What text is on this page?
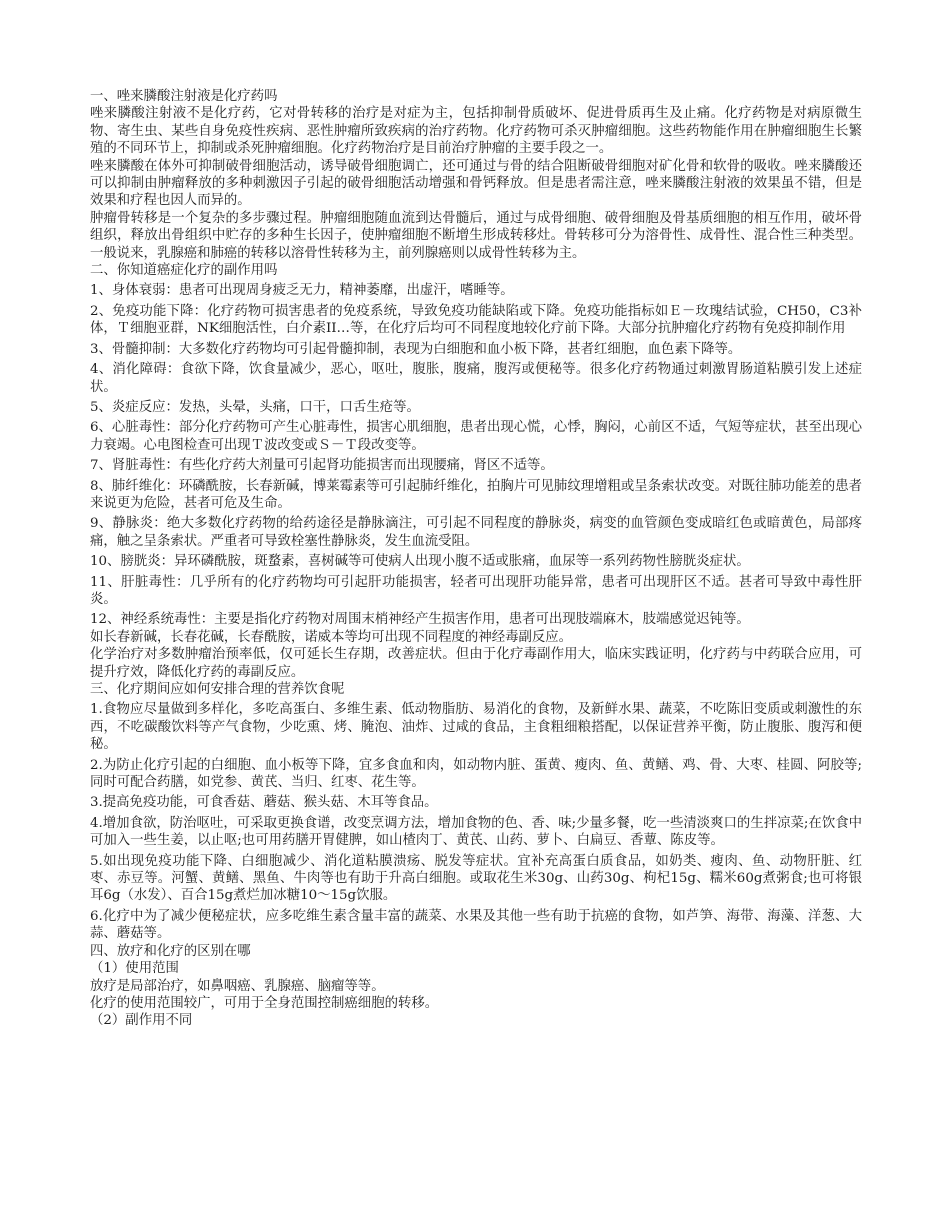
一、唑来膦酸注射液是化疗药吗

唑来膦酸注射液不是化疗药，它对骨转移的治疗是对症为主，包括抑制骨质破坏、促进骨质再生及止痛。化疗药物是对病原微生物、寄生虫、某些自身免疫性疾病、恶性肿瘤所致疾病的治疗药物。化疗药物可杀灭肿瘤细胞。这些药物能作用在肿瘤细胞生长繁殖的不同环节上，抑制或杀死肿瘤细胞。化疗药物治疗是目前治疗肿瘤的主要手段之一。

唑来膦酸在体外可抑制破骨细胞活动，诱导破骨细胞调亡，还可通过与骨的结合阻断破骨细胞对矿化骨和软骨的吸收。唑来膦酸还可以抑制由肿瘤释放的多种刺激因子引起的破骨细胞活动增强和骨钙释放。但是患者需注意，唑来膦酸注射液的效果虽不错，但是效果和疗程也因人而异的。

肿瘤骨转移是一个复杂的多步骤过程。肿瘤细胞随血流到达骨髓后，通过与成骨细胞、破骨细胞及骨基质细胞的相互作用，破坏骨组织，释放出骨组织中贮存的多种生长因子，使肿瘤细胞不断增生形成转移灶。骨转移可分为溶骨性、成骨性、混合性三种类型。一般说来，乳腺癌和肺癌的转移以溶骨性转移为主，前列腺癌则以成骨性转移为主。

二、你知道癌症化疗的副作用吗

1、身体衰弱：患者可出现周身疲乏无力，精神萎靡，出虚汗，嗜睡等。

2、免疫功能下降：化疗药物可损害患者的免疫系统，导致免疫功能缺陷或下降。免疫功能指标如Ｅ－玫瑰结试验，CH50，C3补体，Ｔ细胞亚群，NK细胞活性，白介素II…等，在化疗后均可不同程度地较化疗前下降。大部分抗肿瘤化疗药物有免疫抑制作用

3、骨髓抑制：大多数化疗药物均可引起骨髓抑制，表现为白细胞和血小板下降，甚者红细胞，血色素下降等。

4、消化障碍：食欲下降，饮食量减少，恶心，呕吐，腹胀，腹痛，腹泻或便秘等。很多化疗药物通过刺激胃肠道粘膜引发上述症状。

5、炎症反应：发热，头晕，头痛，口干，口舌生疮等。

6、心脏毒性：部分化疗药物可产生心脏毒性，损害心肌细胞，患者出现心慌，心悸，胸闷，心前区不适，气短等症状，甚至出现心力衰竭。心电图检查可出现Ｔ波改变或Ｓ－Ｔ段改变等。

7、肾脏毒性：有些化疗药大剂量可引起肾功能损害而出现腰痛，肾区不适等。

8、肺纤维化：环磷酰胺，长春新碱，博莱霉素等可引起肺纤维化，拍胸片可见肺纹理增粗或呈条索状改变。对既往肺功能差的患者来说更为危险，甚者可危及生命。

9、静脉炎：绝大多数化疗药物的给药途径是静脉滴注，可引起不同程度的静脉炎，病变的血管颜色变成暗红色或暗黄色，局部疼痛，触之呈条索状。严重者可导致栓塞性静脉炎，发生血流受阻。

10、膀胱炎：异环磷酰胺，斑蝥素，喜树碱等可使病人出现小腹不适或胀痛，血尿等一系列药物性膀胱炎症状。

11、肝脏毒性：几乎所有的化疗药物均可引起肝功能损害，轻者可出现肝功能异常，患者可出现肝区不适。甚者可导致中毒性肝炎。

12、神经系统毒性：主要是指化疗药物对周围末梢神经产生损害作用，患者可出现肢端麻木，肢端感觉迟钝等。

如长春新碱，长春花碱，长春酰胺，诺威本等均可出现不同程度的神经毒副反应。

化学治疗对多数肿瘤治预率低，仅可延长生存期，改善症状。但由于化疗毒副作用大，临床实践证明，化疗药与中药联合应用，可提升疗效，降低化疗药的毒副反应。

三、化疗期间应如何安排合理的营养饮食呢

1.食物应尽量做到多样化，多吃高蛋白、多维生素、低动物脂肪、易消化的食物，及新鲜水果、蔬菜，不吃陈旧变质或刺激性的东西，不吃碳酸饮料等产气食物，少吃熏、烤、腌泡、油炸、过咸的食品，主食粗细粮搭配，以保证营养平衡，防止腹胀、腹泻和便秘。

2.为防止化疗引起的白细胞、血小板等下降，宜多食血和肉，如动物内脏、蛋黄、瘦肉、鱼、黄鳝、鸡、骨、大枣、桂圆、阿胶等;同时可配合药膳，如党参、黄芪、当归、红枣、花生等。

3.提高免疫功能，可食香菇、蘑菇、猴头菇、木耳等食品。

4.增加食欲，防治呕吐，可采取更换食谱，改变烹调方法，增加食物的色、香、味;少量多餐，吃一些清淡爽口的生拌凉菜;在饮食中可加入一些生姜，以止呕;也可用药膳开胃健脾，如山楂肉丁、黄芪、山药、萝卜、白扁豆、香蕈、陈皮等。

5.如出现免疫功能下降、白细胞减少、消化道粘膜溃疡、脱发等症状。宜补充高蛋白质食品，如奶类、瘦肉、鱼、动物肝脏、红枣、赤豆等。河蟹、黄鳝、黑鱼、牛肉等也有助于升高白细胞。或取花生米30g、山药30g、枸杞15g、糯米60g煮粥食;也可将银耳6g（水发）、百合15g煮烂加冰糖10～15g饮服。

6.化疗中为了减少便秘症状，应多吃维生素含量丰富的蔬菜、水果及其他一些有助于抗癌的食物，如芦笋、海带、海藻、洋葱、大蒜、蘑菇等。

四、放疗和化疗的区别在哪

（1）使用范围

放疗是局部治疗，如鼻咽癌、乳腺癌、脑瘤等等。

化疗的使用范围较广，可用于全身范围控制癌细胞的转移。

（2）副作用不同
